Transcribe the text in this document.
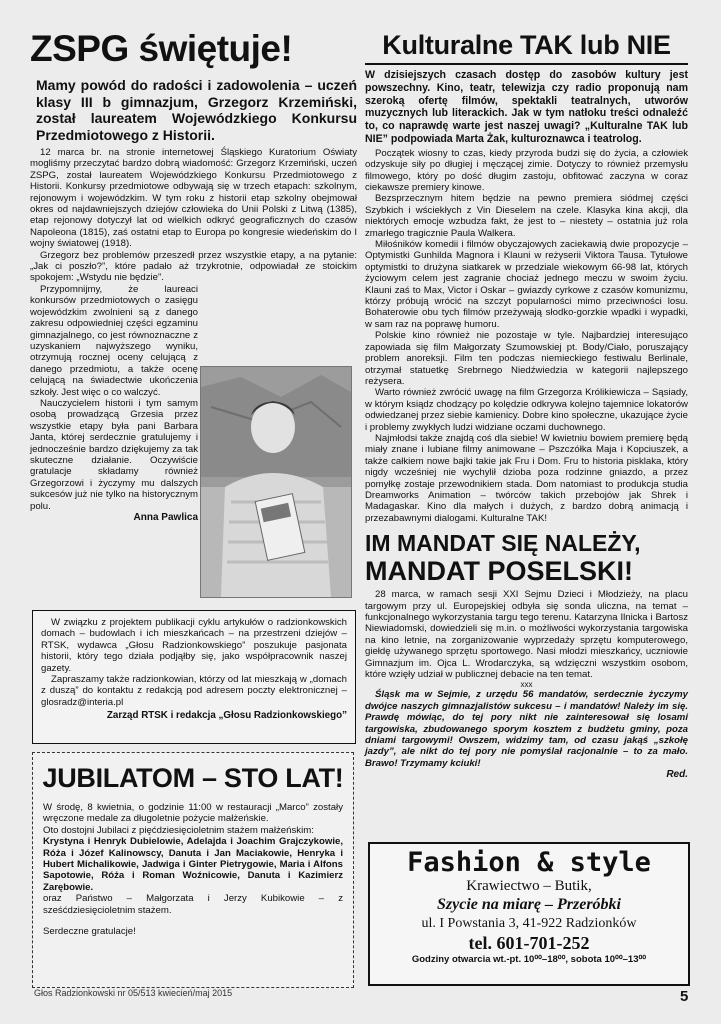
ZSPG świętuje!
Mamy powód do radości i zadowolenia – uczeń klasy III b gimnazjum, Grzegorz Krzemiński, został laureatem Wojewódzkiego Konkursu Przedmiotowego z Historii.

12 marca br. na stronie internetowej Śląskiego Kuratorium Oświaty mogliśmy przeczytać bardzo dobrą wiadomość: Grzegorz Krzemiński, uczeń ZSPG, został laureatem Wojewódzkiego Konkursu Przedmiotowego z Historii. Konkursy przedmiotowe odbywają się w trzech etapach: szkolnym, rejonowym i wojewódzkim. W tym roku z historii etap szkolny obejmował okres od najdawniejszych dziejów człowieka do Unii Polski z Litwą (1385), etap rejonowy dotyczył lat od wielkich odkryć geograficznych do czasów Napoleona (1815), zaś ostatni etap to Europa po kongresie wiedeńskim do I wojny światowej (1918).

Grzegorz bez problemów przeszedł przez wszystkie etapy, a na pytanie: „Jak ci poszło?”, które padało aż trzykrotnie, odpowiadał ze stoickim spokojem: „Wstydu nie będzie”.

Przypomnijmy, że laureaci konkursów przedmiotowych o zasięgu wojewódzkim zwolnieni są z danego zakresu odpowiedniej części egzaminu gimnazjalnego, co jest równoznaczne z uzyskaniem najwyższego wyniku, otrzymują rocznej oceny celującą z danego przedmiotu, a także ocenę celującą na świadectwie ukończenia szkoły. Jest więc o co walczyć.

Nauczycielem historii i tym samym osobą prowadzącą Grzesia przez wszystkie etapy była pani Barbara Janta, której serdecznie gratulujemy i jednocześnie bardzo dziękujemy za tak skuteczne działanie. Oczywiście gratulacje składamy również Grzegorzowi i życzymy mu dalszych sukcesów już nie tylko na historycznym polu.

Anna Pawlica

W związku z projektem publikacji cyklu artykułów o radzionkowskich domach – budowlach i ich mieszkańcach – na przestrzeni dziejów – RTSK, wydawca „Głosu Radzionkowskiego” poszukuje pasjonata historii, który tego działa podjąłby się, jako współpracownik naszej gazety.

Zapraszamy także radzionkowian, którzy od lat mieszkają w „domach z duszą” do kontaktu z redakcją pod adresem poczty elektronicznej – glosradz@interia.pl

Zarząd RTSK i redakcja „Głosu Radzionkowskiego”

JUBILATOM – STO LAT!

W środę, 8 kwietnia, o godzinie 11:00 w restauracji „Marco” zostały wręczone medale za długoletnie pożycie małżeńskie.

Oto dostojni Jubilaci z pięćdziesięcioletnim stażem małżeńskim:

Krystyna i Henryk Dubielowie, Adelajda i Joachim Grajczykowie, Róża i Józef Kalinowscy, Danuta i Jan Maciakowie, Henryka i Hubert Michalikowie, Jadwiga i Ginter Pietrygowie, Maria i Alfons Sapotowie, Róża i Roman Woźnicowie, Danuta i Kazimierz Zarębowie.

oraz Państwo – Małgorzata i Jerzy Kubikowie – z sześćdziesięcioletnim stażem.

Serdeczne gratulacje!

Kulturalne TAK lub NIE
W dzisiejszych czasach dostęp do zasobów kultury jest powszechny. Kino, teatr, telewizja czy radio proponują nam szeroką ofertę filmów, spektakli teatralnych, utworów muzycznych lub literackich. Jak w tym natłoku treści odnaleźć to, co naprawdę warte jest naszej uwagi? „Kulturalne TAK lub NIE” podpowiada Marta Żak, kulturoznawca i teatrolog.

Początek wiosny to czas, kiedy przyroda budzi się do życia, a człowiek odzyskuje siły po długiej i męczącej zimie. Dotyczy to również przemysłu filmowego, który po dość długim zastoju, obfitować zaczyna w coraz ciekawsze premiery kinowe.

Bezsprzecznym hitem będzie na pewno premiera siódmej części Szybkich i wściekłych z Vin Dieselem na czele. Klasyka kina akcji, dla niektórych emocje wzbudza fakt, że jest to – niestety – ostatnia już rola zmarłego tragicznie Paula Walkera.

Miłośników komedii i filmów obyczajowych zaciekawią dwie propozycje – Optymistki Gunhilda Magnora i Klauni w reżyserii Viktora Tausa. Tytułowe optymistki to drużyna siatkarek w przedziale wiekowym 66-98 lat, których życiowym celem jest zagranie chociaż jednego meczu w swoim życiu. Klauni zaś to Max, Victor i Oskar – gwiazdy cyrkowe z czasów komunizmu, którzy próbują wrócić na szczyt popularności mimo przeciwności losu. Bohaterowie obu tych filmów przeżywają słodko-gorzkie wpadki i wypadki, w sam raz na poprawę humoru.

Polskie kino również nie pozostaje w tyle. Najbardziej interesująco zapowiada się film Małgorzaty Szumowskiej pt. Body/Ciało, poruszający problem anoreksji. Film ten podczas niemieckiego festiwalu Berlinale, otrzymał statuetkę Srebrnego Niedźwiedzia w kategorii najlepszego reżysera.

Warto również zwrócić uwagę na film Grzegorza Królikiewicza – Sąsiady, w którym ksiądz chodzący po kolędzie odkrywa kolejno tajemnice lokatorów odwiedzanej przez siebie kamienicy. Dobre kino społeczne, ukazujące życie i problemy zwykłych ludzi widziane oczami duchownego.

Najmłodsi także znajdą coś dla siebie! W kwietniu bowiem premierę będą miały znane i lubiane filmy animowane – Pszczółka Maja i Kopciuszek, a także całkiem nowe bajki takie jak Fru i Dom. Fru to historia pisklaka, który nigdy wcześniej nie wychylił dzioba poza rodzinne gniazdo, a przez pomyłkę zostaje przewodnikiem stada. Dom natomiast to produkcja studia Dreamworks Animation – twórców takich przebojów jak Shrek i Madagaskar. Kino dla małych i dużych, z bardzo dobrą animacją i przezabawnymi dialogami. Kulturalne TAK!

IM MANDAT SIĘ NALEŻY,
MANDAT POSELSKI!

28 marca, w ramach sesji XXI Sejmu Dzieci i Młodzieży, na placu targowym przy ul. Europejskiej odbyła się sonda uliczna, na temat – funkcjonalnego wykorzystania targu tego terenu. Katarzyna Ilnicka i Bartosz Niewiadomski, dowiedzieli się m.in. o możliwości wykorzystania targowiska na kino letnie, na zorganizowanie wyprzedaży sprzętu komputerowego, giełdę używanego sprzętu sportowego. Nasi młodzi mieszkańcy, uczniowie Gimnazjum im. Ojca L. Wrodarczyka, są wdzięczni wszystkim osobom, które wzięły udział w publicznej debacie na ten temat.

xxx

Śląsk ma w Sejmie, z urzędu 56 mandatów, serdecznie życzymy dwójce naszych gimnazjalistów sukcesu – i mandatów! Należy im się. Prawdę mówiąc, do tej pory nikt nie zainteresował się losami targowiska, zbudowanego sporym kosztem z budżetu gminy, poza dniami targowymi! Owszem, widzimy tam, od czasu jakąś „szkołę jazdy”, ale nikt do tej pory nie pomyślał racjonalnie – to za mało. Brawo! Trzymamy kciuki!

Red.

Fashion & style
Krawiectwo – Butik,
Szycie na miarę – Przeróbki
ul. I Powstania 3, 41-922 Radzionków
tel. 601-701-252
Godziny otwarcia wt.-pt. 10⁰⁰–18⁰⁰, sobota 10⁰⁰–13⁰⁰
Głos Radzionkowski nr 05/513 kwiecień/maj 2015	5
